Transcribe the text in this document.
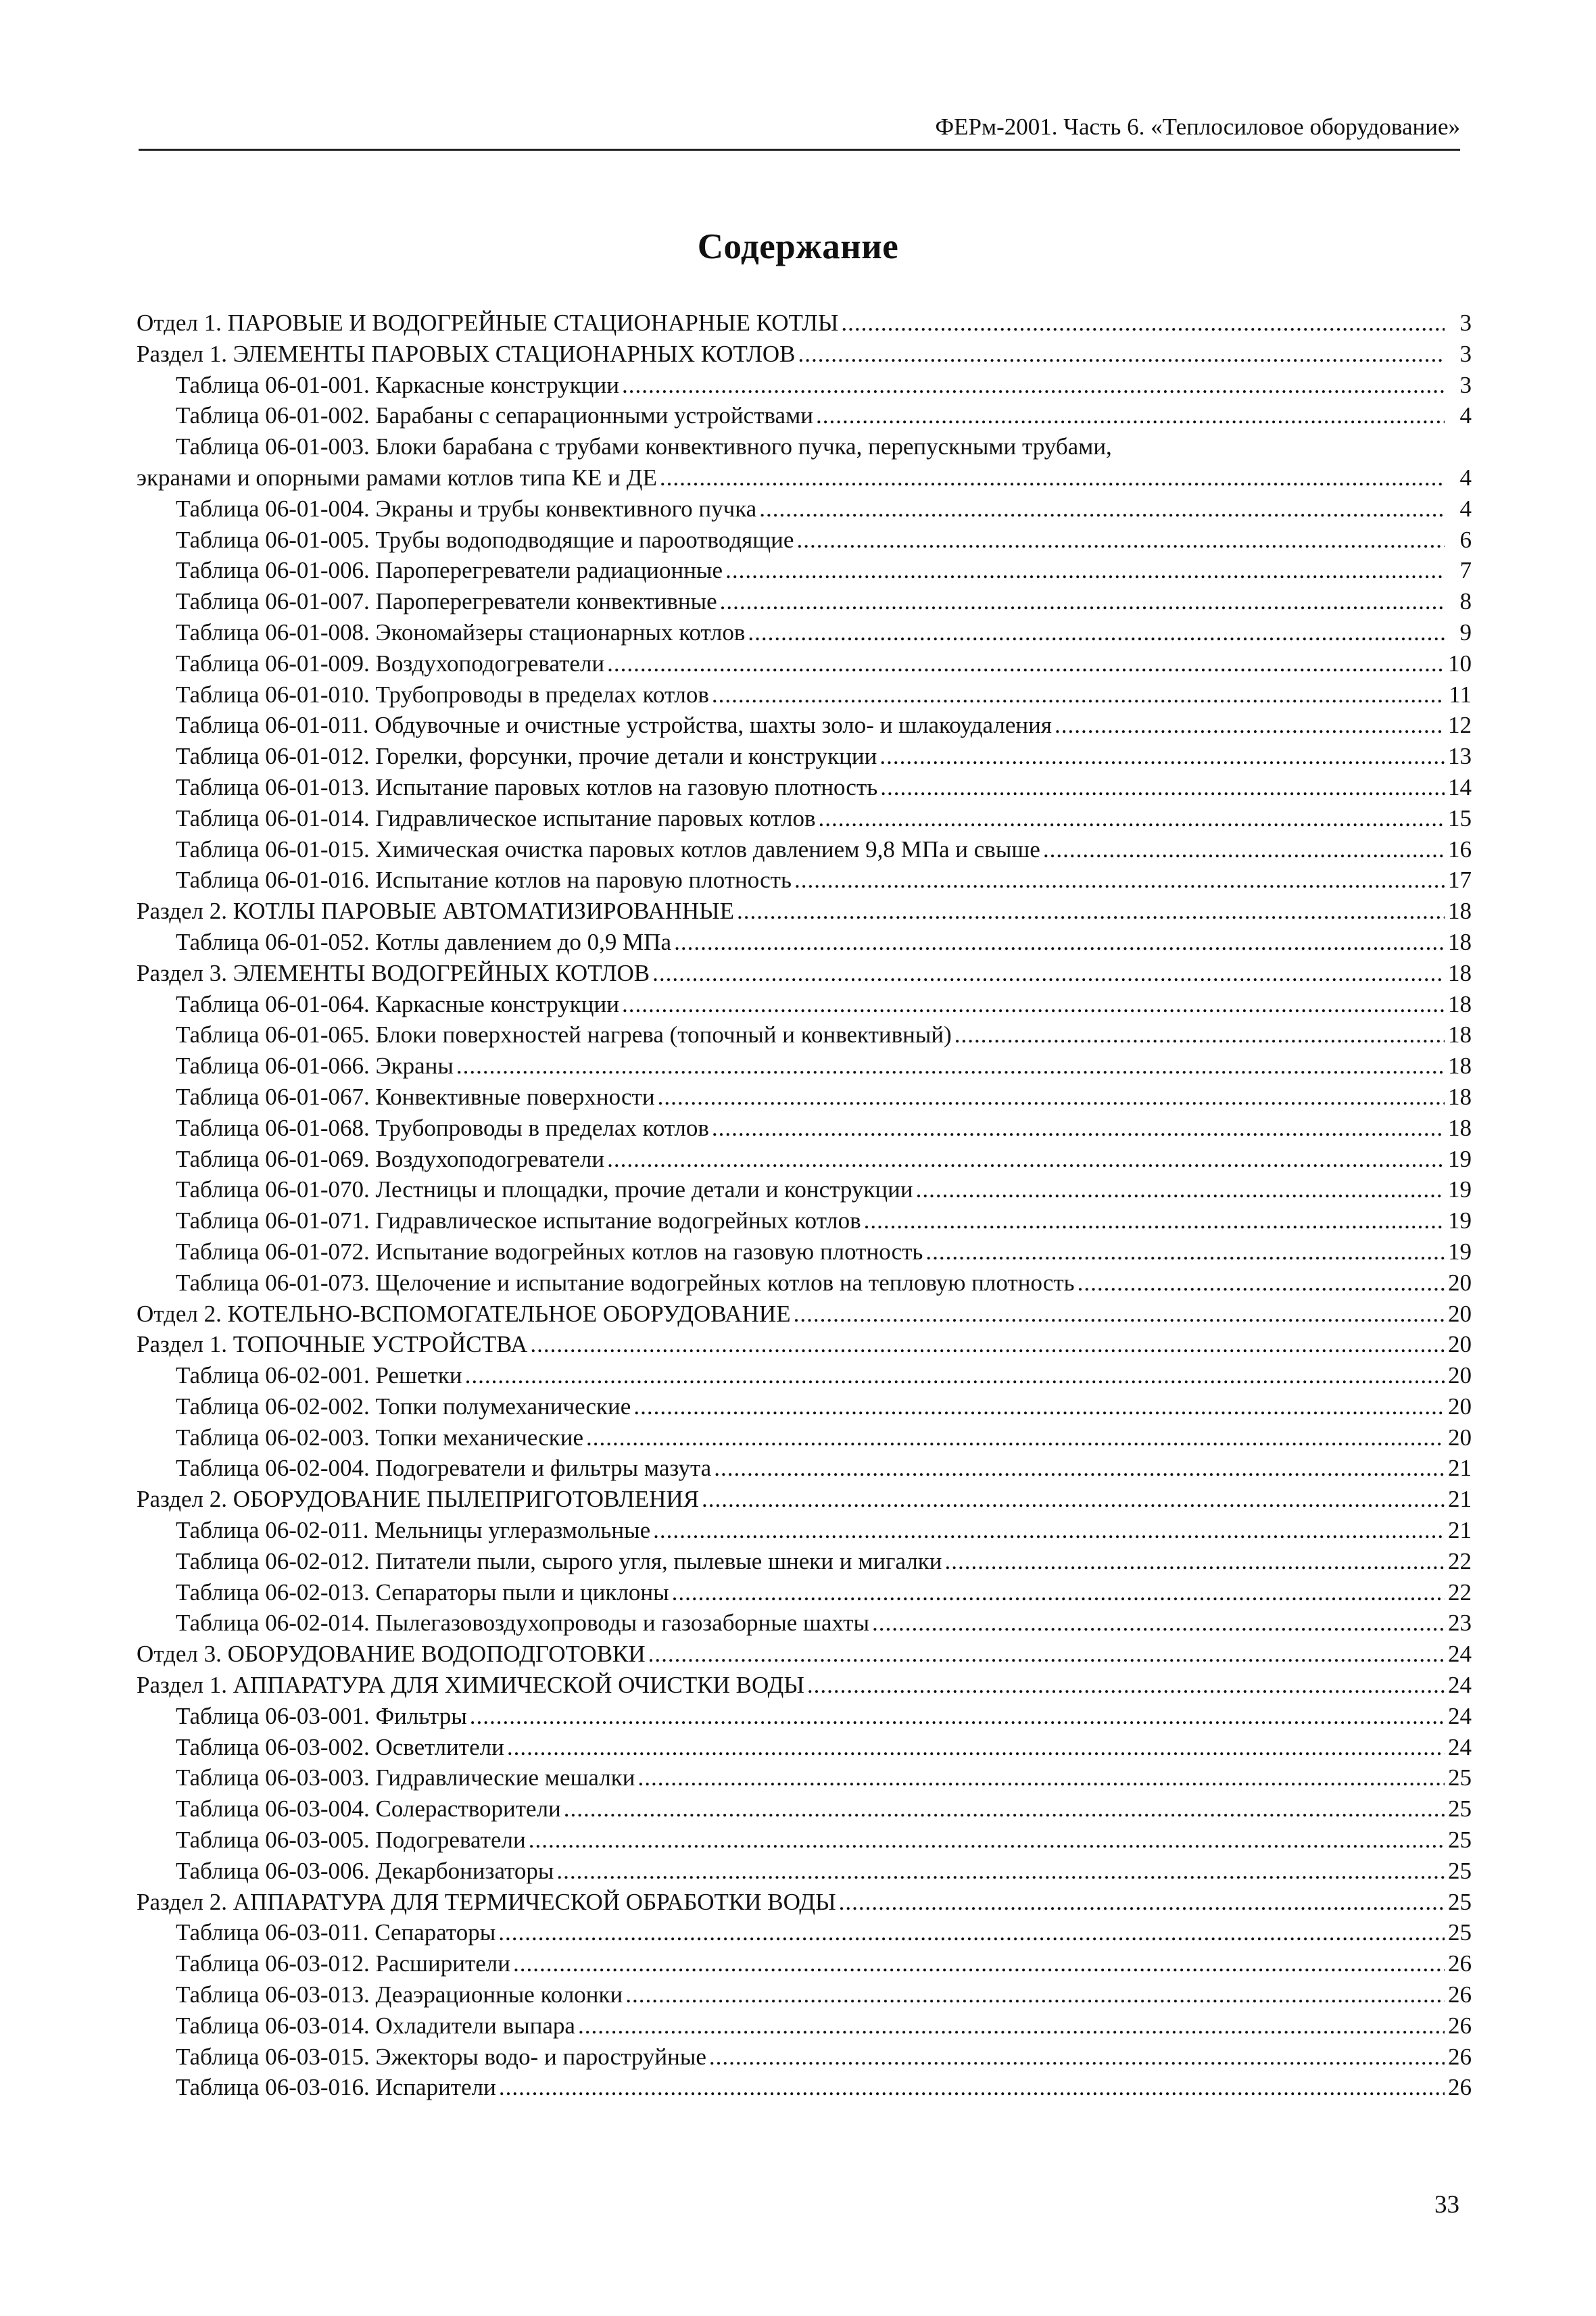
ФЕРм-2001. Часть 6. «Теплосиловое оборудование»
Содержание
Отдел 1. ПАРОВЫЕ И ВОДОГРЕЙНЫЕ СТАЦИОНАРНЫЕ КОТЛЫ .....	3
Раздел 1. ЭЛЕМЕНТЫ ПАРОВЫХ СТАЦИОНАРНЫХ КОТЛОВ .....	3
Таблица 06-01-001. Каркасные конструкции .....	3
Таблица 06-01-002. Барабаны с сепарационными устройствами .....	4
Таблица 06-01-003. Блоки барабана с трубами конвективного пучка, перепускными трубами,
экранами и опорными рамами котлов типа КЕ и ДЕ .....	4
Таблица 06-01-004. Экраны и трубы конвективного пучка .....	4
Таблица 06-01-005. Трубы водоподводящие и пароотводящие .....	6
Таблица 06-01-006. Пароперегреватели радиационные .....	7
Таблица 06-01-007. Пароперегреватели конвективные .....	8
Таблица 06-01-008. Экономайзеры стационарных котлов .....	9
Таблица 06-01-009. Воздухоподогреватели .....	10
Таблица 06-01-010. Трубопроводы в пределах котлов .....	11
Таблица 06-01-011. Обдувочные и очистные устройства, шахты золо- и шлакоудаления .....	12
Таблица 06-01-012. Горелки, форсунки, прочие детали и конструкции .....	13
Таблица 06-01-013. Испытание паровых котлов на газовую плотность .....	14
Таблица 06-01-014. Гидравлическое испытание паровых котлов .....	15
Таблица 06-01-015. Химическая очистка паровых котлов давлением 9,8 МПа и свыше .....	16
Таблица 06-01-016. Испытание котлов на паровую плотность .....	17
Раздел 2. КОТЛЫ ПАРОВЫЕ АВТОМАТИЗИРОВАННЫЕ .....	18
Таблица 06-01-052. Котлы давлением до 0,9 МПа .....	18
Раздел 3. ЭЛЕМЕНТЫ ВОДОГРЕЙНЫХ КОТЛОВ .....	18
Таблица 06-01-064. Каркасные конструкции .....	18
Таблица 06-01-065. Блоки поверхностей нагрева (топочный и конвективный) .....	18
Таблица 06-01-066. Экраны .....	18
Таблица 06-01-067. Конвективные поверхности .....	18
Таблица 06-01-068. Трубопроводы в пределах котлов .....	18
Таблица 06-01-069. Воздухоподогреватели .....	19
Таблица 06-01-070. Лестницы и площадки, прочие детали и конструкции .....	19
Таблица 06-01-071. Гидравлическое испытание водогрейных котлов .....	19
Таблица 06-01-072. Испытание водогрейных котлов на газовую плотность .....	19
Таблица 06-01-073. Щелочение и испытание водогрейных котлов на тепловую плотность .....	20
Отдел 2. КОТЕЛЬНО-ВСПОМОГАТЕЛЬНОЕ ОБОРУДОВАНИЕ .....	20
Раздел 1. ТОПОЧНЫЕ УСТРОЙСТВА .....	20
Таблица 06-02-001. Решетки .....	20
Таблица 06-02-002. Топки полумеханические .....	20
Таблица 06-02-003. Топки механические .....	20
Таблица 06-02-004. Подогреватели и фильтры мазута .....	21
Раздел 2. ОБОРУДОВАНИЕ ПЫЛЕПРИГОТОВЛЕНИЯ .....	21
Таблица 06-02-011. Мельницы углеразмольные .....	21
Таблица 06-02-012. Питатели пыли, сырого угля, пылевые шнеки и мигалки .....	22
Таблица 06-02-013. Сепараторы пыли и циклоны .....	22
Таблица 06-02-014. Пылегазовоздухопроводы и газозаборные шахты .....	23
Отдел 3. ОБОРУДОВАНИЕ ВОДОПОДГОТОВКИ .....	24
Раздел 1. АППАРАТУРА ДЛЯ ХИМИЧЕСКОЙ ОЧИСТКИ ВОДЫ .....	24
Таблица 06-03-001. Фильтры .....	24
Таблица 06-03-002. Осветлители .....	24
Таблица 06-03-003. Гидравлические мешалки .....	25
Таблица 06-03-004. Солерастворители .....	25
Таблица 06-03-005. Подогреватели .....	25
Таблица 06-03-006. Декарбонизаторы .....	25
Раздел 2. АППАРАТУРА ДЛЯ ТЕРМИЧЕСКОЙ ОБРАБОТКИ ВОДЫ .....	25
Таблица 06-03-011. Сепараторы .....	25
Таблица 06-03-012. Расширители .....	26
Таблица 06-03-013. Деаэрационные колонки .....	26
Таблица 06-03-014. Охладители выпара .....	26
Таблица 06-03-015. Эжекторы водо- и пароструйные .....	26
Таблица 06-03-016. Испарители .....	26
33
